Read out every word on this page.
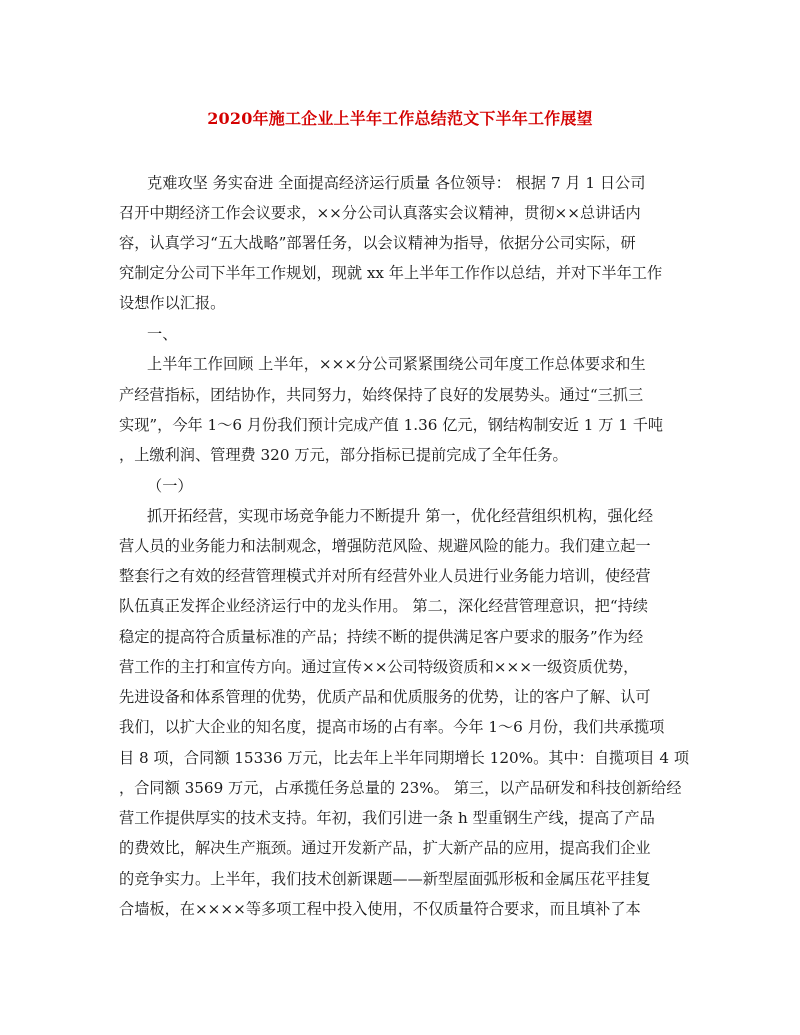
2020年施工企业上半年工作总结范文下半年工作展望
克难攻坚 务实奋进 全面提高经济运行质量 各位领导： 根据 7 月 1 日公司
召开中期经济工作会议要求，××分公司认真落实会议精神，贯彻××总讲话内
容，认真学习“五大战略”部署任务，以会议精神为指导，依据分公司实际，研
究制定分公司下半年工作规划，现就 xx 年上半年工作作以总结，并对下半年工作
设想作以汇报。
一、
上半年工作回顾 上半年，×××分公司紧紧围绕公司年度工作总体要求和生
产经营指标，团结协作，共同努力，始终保持了良好的发展势头。通过“三抓三
实现”，今年 1～6 月份我们预计完成产值 1.36 亿元，钢结构制安近 1 万 1 千吨
，上缴利润、管理费 320 万元，部分指标已提前完成了全年任务。
（一）
抓开拓经营，实现市场竞争能力不断提升 第一，优化经营组织机构，强化经
营人员的业务能力和法制观念，增强防范风险、规避风险的能力。我们建立起一
整套行之有效的经营管理模式并对所有经营外业人员进行业务能力培训，使经营
队伍真正发挥企业经济运行中的龙头作用。 第二，深化经营管理意识，把“持续
稳定的提高符合质量标准的产品；持续不断的提供满足客户要求的服务”作为经
营工作的主打和宣传方向。通过宣传××公司特级资质和×××一级资质优势，
先进设备和体系管理的优势，优质产品和优质服务的优势，让的客户了解、认可
我们，以扩大企业的知名度，提高市场的占有率。今年 1～6 月份，我们共承揽项
目 8 项，合同额 15336 万元，比去年上半年同期增长 120%。其中：自揽项目 4 项
，合同额 3569 万元，占承揽任务总量的 23%。 第三，以产品研发和科技创新给经
营工作提供厚实的技术支持。年初，我们引进一条 h 型重钢生产线，提高了产品
的费效比，解决生产瓶颈。通过开发新产品，扩大新产品的应用，提高我们企业
的竞争实力。上半年，我们技术创新课题——新型屋面弧形板和金属压花平挂复
合墙板，在××××等多项工程中投入使用，不仅质量符合要求，而且填补了本
